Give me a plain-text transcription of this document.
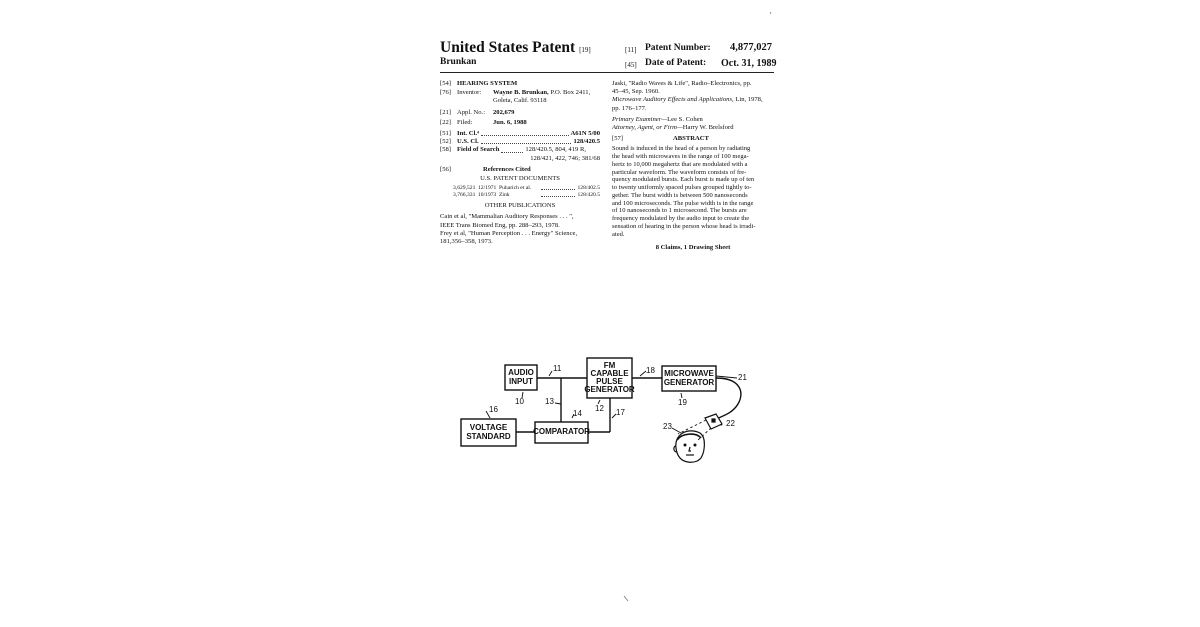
United States Patent [19]
Brunkan
[11] Patent Number: 4,877,027
[45] Date of Patent: Oct. 31, 1989
[54] HEARING SYSTEM
[76] Inventor:	Wayne B. Brunkan, P.O. Box 2411,
Goleta, Calif. 93118
[21] Appl. No.:	202,679
[22] Filed:	Jun. 6, 1988
[51] Int. Cl.⁴	A61N 5/00
[52] U.S. Cl.	128/420.5
[58] Field of Search	128/420.5, 804, 419 R,
128/421, 422, 746; 381/68
[56]	References Cited
U.S. PATENT DOCUMENTS
3,629,521 12/1971 Puharich et al.	128/402.5
3,766,331 10/1973 Zink	128/420.5
OTHER PUBLICATIONS
Cain et al, "Mammalian Auditory Responses . . . ",
IEEE Trans Biomed Eng, pp. 288–293, 1978.
Frey et al, "Human Perception . . . Energy" Science,
181,356–358, 1973.
Jaski, "Radio Waves & Life", Radio–Electronics, pp.
45–45, Sep. 1960.
Microwave Auditory Effects and Applications, Lin, 1978,
pp. 176–177.
Primary Examiner—Lee S. Cohen
Attorney, Agent, or Firm—Harry W. Brelsford
[57]	ABSTRACT
Sound is induced in the head of a person by radiating
the head with microwaves in the range of 100 mega-
hertz to 10,000 megahertz that are modulated with a
particular waveform. The waveform consists of fre-
quency modulated bursts. Each burst is made up of ten
to twenty uniformly spaced pulses grouped tightly to-
gether. The burst width is between 500 nanoseconds
and 100 microseconds. The pulse width is in the range
of 10 nanoseconds to 1 microsecond. The bursts are
frequency modulated by the audio input to create the
sensation of hearing in the person whose head is irradi-
ated.
8 Claims, 1 Drawing Sheet
AUDIO
INPUT
FM
CAPABLE
PULSE
GENERATOR
MICROWAVE
GENERATOR
VOLTAGE
STANDARD	COMPARATOR
11
10	13
14
12 17
18
19
21
22
23
16
